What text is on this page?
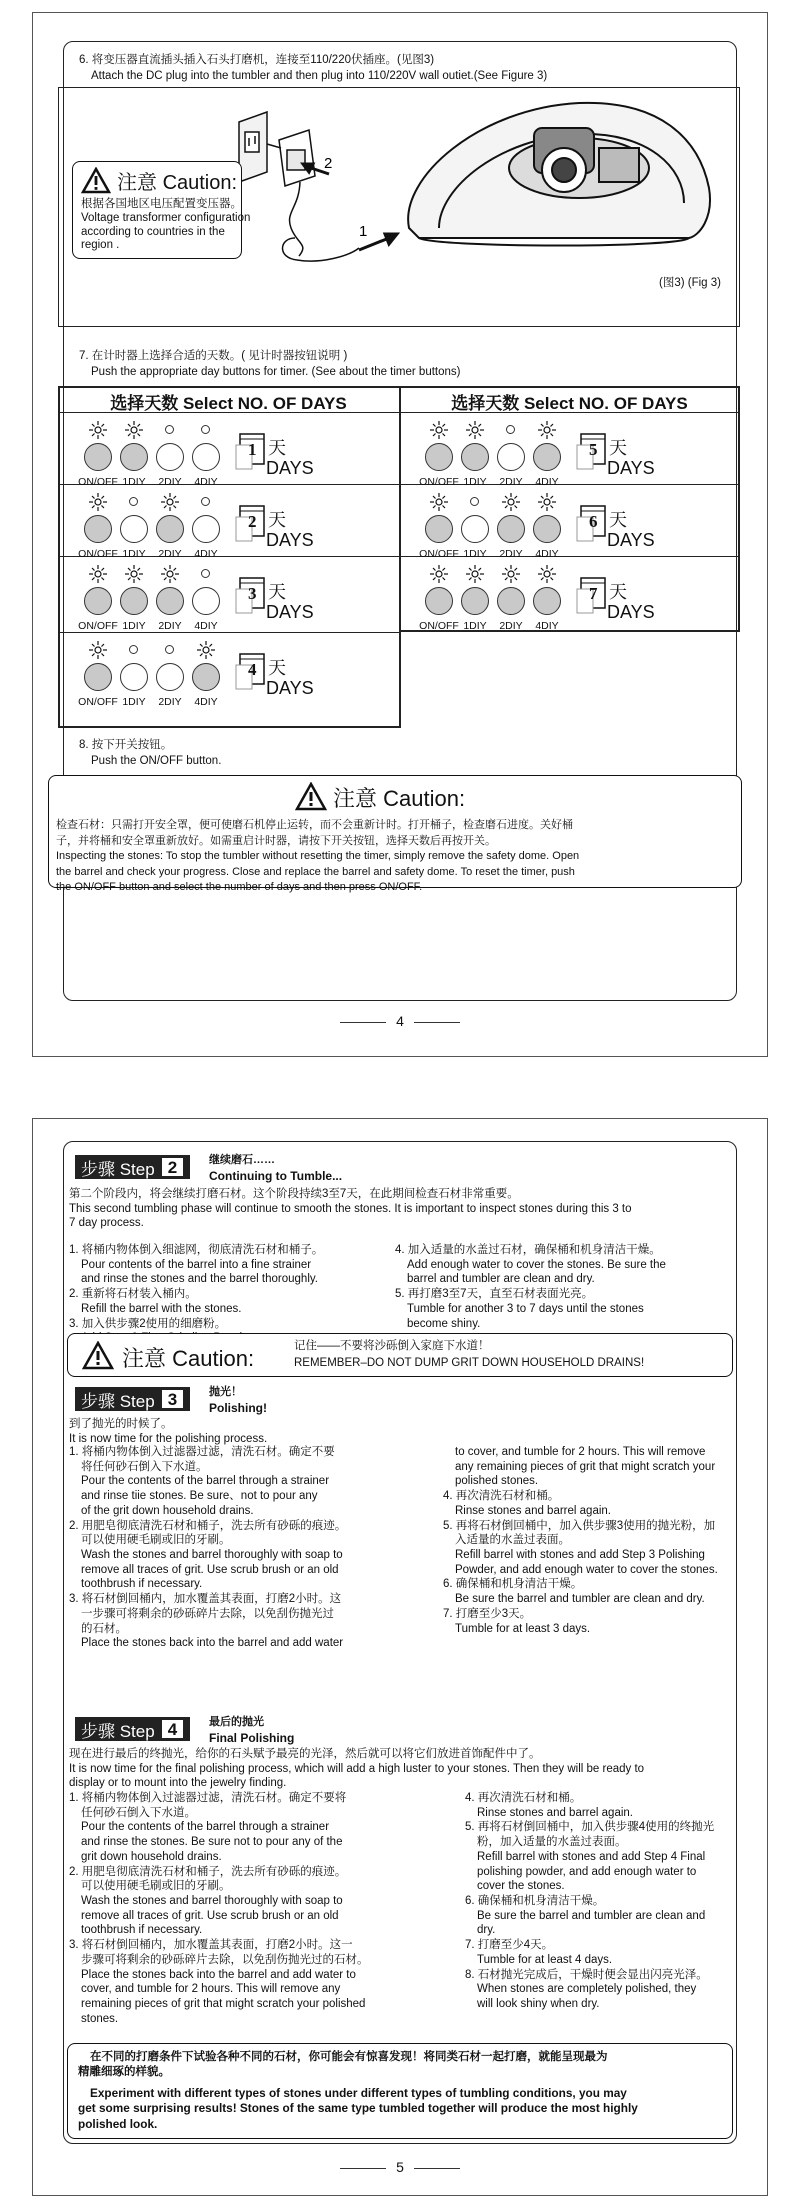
6. 将变压器直流插头插入石头打磨机，连接至110/220伏插座。(见图3)
Attach the DC plug into the tumbler and then plug into 110/220V wall outiet.(See Figure 3)
2
1
注意 Caution:
根据各国地区电压配置变压器。
Voltage transformer configuration
according to countries in the
region .
(图3) (Fig 3)
7. 在计时器上选择合适的天数。( 见计时器按钮说明 )
Push the appropriate day buttons for timer. (See about the timer buttons)
选择天数 Select NO. OF DAYS	选择天数 Select NO. OF DAYS
ON/OFF 1DIY	2DIY	4DIY
1 天
DAYS
ON/OFF 1DIY	2DIY	4DIY
2 天
DAYS
ON/OFF 1DIY	2DIY	4DIY
3 天
DAYS
ON/OFF 1DIY	2DIY	4DIY
4 天
DAYS
ON/OFF 1DIY	2DIY	4DIY
5 天
DAYS
ON/OFF 1DIY	2DIY	4DIY
6 天
DAYS
ON/OFF 1DIY	2DIY	4DIY
7 天
DAYS
8. 按下开关按钮。
Push the ON/OFF button.
注意 Caution:
检查石材：只需打开安全罩，便可使磨石机停止运转，而不会重新计时。打开桶子，检查磨石进度。关好桶
子，并将桶和安全罩重新放好。如需重启计时器，请按下开关按钮，选择天数后再按开关。
Inspecting the stones: To stop the tumbler without resetting the timer, simply remove the safety dome. Open
the barrel and check your progress. Close and replace the barrel and safety dome. To reset the timer, push
the ON/OFF button and select the number of days and then press ON/OFF.
4
步骤 Step 2	继续磨石……
Continuing to Tumble...
第二个阶段内，将会继续打磨石材。这个阶段持续3至7天，在此期间检查石材非常重要。
This second tumbling phase will continue to smooth the stones. It is important to inspect stones during this 3 to
7 day process.
1. 将桶内物体倒入细滤网，彻底清洗石材和桶子。
Pour contents of the barrel into a fine strainer
and rinse the stones and the barrel thoroughly.
2. 重新将石材装入桶内。
Refill the barrel with the stones.
3. 加入供步骤2使用的细磨粉。
4. 加入适量的水盖过石材，确保桶和机身清洁干燥。
Add enough water to cover the stones. Be sure the
barrel and tumbler are clean and dry.
5. 再打磨3至7天，直至石材表面光亮。
Tumble for another 3 to 7 days until the stones
become shiny.
注意 Caution:	记住——不要将沙砾倒入家庭下水道！
REMEMBER–DO NOT DUMP GRIT DOWN HOUSEHOLD DRAINS!
步骤 Step 3	抛光！
Polishing!
到了抛光的时候了。
It is now time for the polishing process.
1. 将桶内物体倒入过滤器过滤，清洗石材。确定不要
将任何砂石倒入下水道。
Pour the contents of the barrel through a strainer
and rinse tiie stones. Be sure、not to pour any
of the grit down household drains.
2. 用肥皂彻底清洗石材和桶子，洗去所有砂砾的痕迹。
可以使用硬毛刷或旧的牙刷。
Wash the stones and barrel thoroughly with soap to
remove all traces of grit. Use scrub brush or an old
toothbrush if necessary.
3. 将石材倒回桶内，加水覆盖其表面，打磨2小时。这
一步骤可将剩余的砂砾碎片去除，以免刮伤抛光过
的石材。
Place the stones back into the barrel and add water
to cover, and tumble for 2 hours. This will remove
any remaining pieces of grit that might scratch your
polished stones.
4. 再次清洗石材和桶。
Rinse stones and barrel again.
5. 再将石材倒回桶中，加入供步骤3使用的抛光粉，加
入适量的水盖过表面。
Refill barrel with stones and add Step 3 Polishing
Powder, and add enough water to cover the stones.
6. 确保桶和机身清洁干燥。
Be sure the barrel and tumbler are clean and dry.
7. 打磨至少3天。
Tumble for at least 3 days.
步骤 Step 4	最后的抛光
Final Polishing
现在进行最后的终抛光，给你的石头赋予最亮的光泽，然后就可以将它们放进首饰配件中了。
It is now time for the final polishing process, which will add a high luster to your stones. Then they will be ready to
display or to mount into the jewelry finding.
1. 将桶内物体倒入过滤器过滤，清洗石材。确定不要将
任何砂石倒入下水道。
Pour the contents of the barrel through a strainer
and rinse the stones. Be sure not to pour any of the
grit down household drains.
2. 用肥皂彻底清洗石材和桶子，洗去所有砂砾的痕迹。
可以使用硬毛刷或旧的牙刷。
Wash the stones and barrel thoroughly with soap to
remove all traces of grit. Use scrub brush or an old
toothbrush if necessary.
3. 将石材倒回桶内，加水覆盖其表面，打磨2小时。这一
步骤可将剩余的砂砾碎片去除，以免刮伤抛光过的石材。
Place the stones back into the barrel and add water to
cover, and tumble for 2 hours. This will remove any
remaining pieces of grit that might scratch your polished
stones.
4. 再次清洗石材和桶。
Rinse stones and barrel again.
5. 再将石材倒回桶中，加入供步骤4使用的终抛光
粉，加入适量的水盖过表面。
Refill barrel with stones and add Step 4 Final
polishing powder, and add enough water to
cover the stones.
6. 确保桶和机身清洁干燥。
Be sure the barrel and tumbler are clean and
dry.
7. 打磨至少4天。
Tumble for at least 4 days.
8. 石材抛光完成后，干燥时便会显出闪亮光泽。
When stones are completely polished, they
will look shiny when dry.
在不同的打磨条件下试验各种不同的石材，你可能会有惊喜发现！将同类石材一起打磨，就能呈现最为
精雕细琢的样貌。
Experiment with different types of stones under different types of tumbling conditions, you may
get some surprising results! Stones of the same type tumbled together will produce the most highly
polished look.
5
